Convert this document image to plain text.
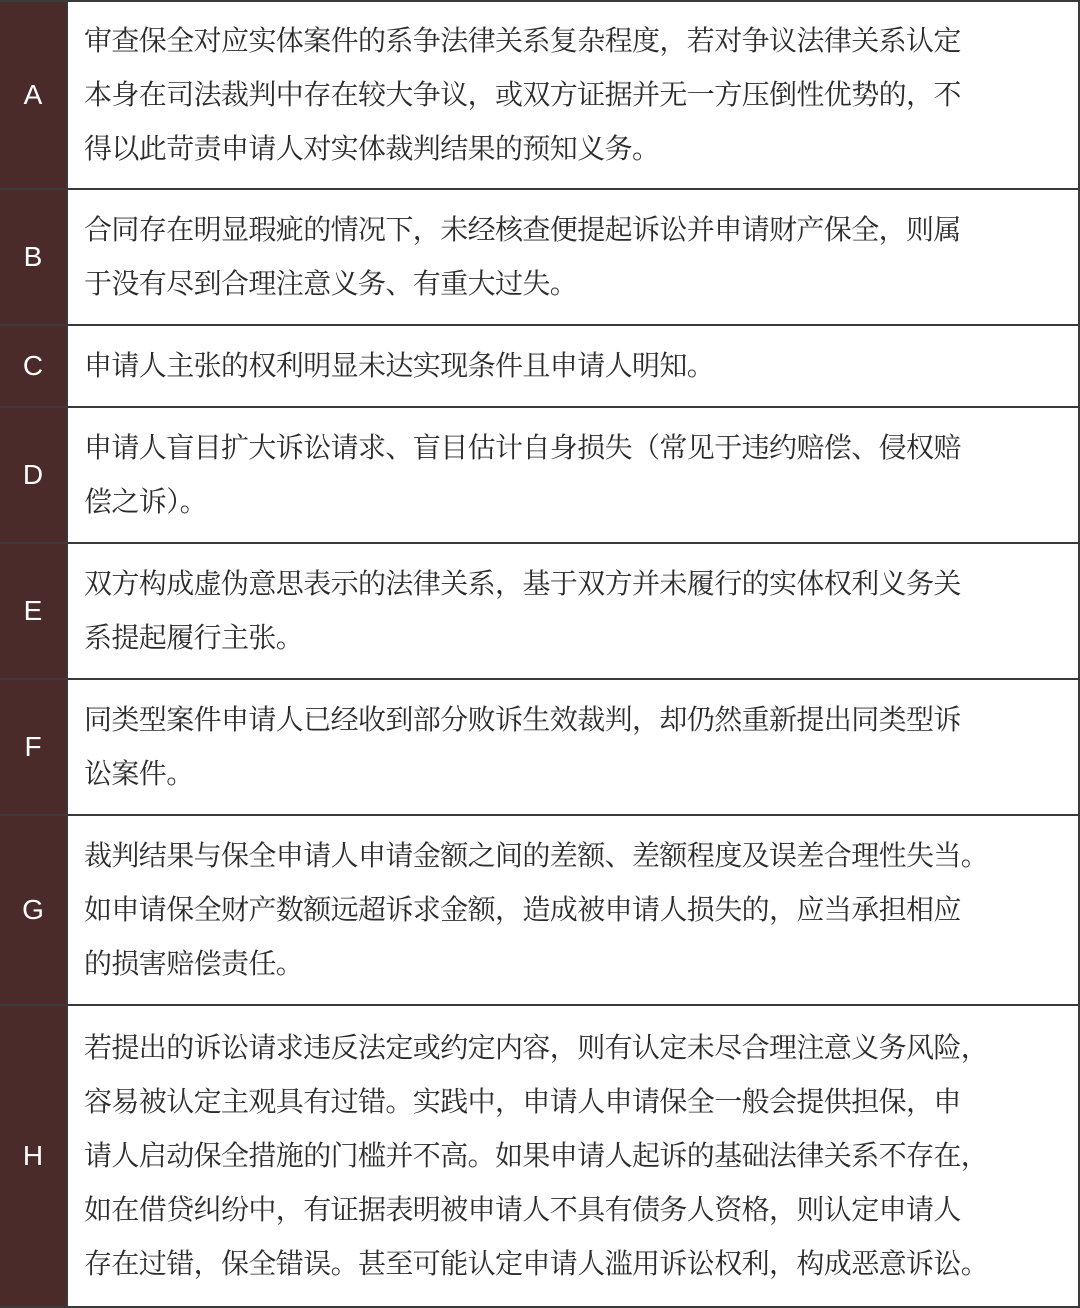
A
审查保全对应实体案件的系争法律关系复杂程度，若对争议法律关系认定
本身在司法裁判中存在较大争议，或双方证据并无一方压倒性优势的，不
得以此苛责申请人对实体裁判结果的预知义务。
B
合同存在明显瑕疵的情况下，未经核查便提起诉讼并申请财产保全，则属
于没有尽到合理注意义务、有重大过失。
C	申请人主张的权利明显未达实现条件且申请人明知。
D
申请人盲目扩大诉讼请求、盲目估计自身损失（常见于违约赔偿、侵权赔
偿之诉）。
E
双方构成虚伪意思表示的法律关系，基于双方并未履行的实体权利义务关
系提起履行主张。
F
同类型案件申请人已经收到部分败诉生效裁判，却仍然重新提出同类型诉
讼案件。
G
裁判结果与保全申请人申请金额之间的差额、差额程度及误差合理性失当。
如申请保全财产数额远超诉求金额，造成被申请人损失的，应当承担相应
的损害赔偿责任。
H
若提出的诉讼请求违反法定或约定内容，则有认定未尽合理注意义务风险，
容易被认定主观具有过错。实践中，申请人申请保全一般会提供担保，申
请人启动保全措施的门槛并不高。如果申请人起诉的基础法律关系不存在，
如在借贷纠纷中，有证据表明被申请人不具有债务人资格，则认定申请人
存在过错，保全错误。甚至可能认定申请人滥用诉讼权利，构成恶意诉讼。
